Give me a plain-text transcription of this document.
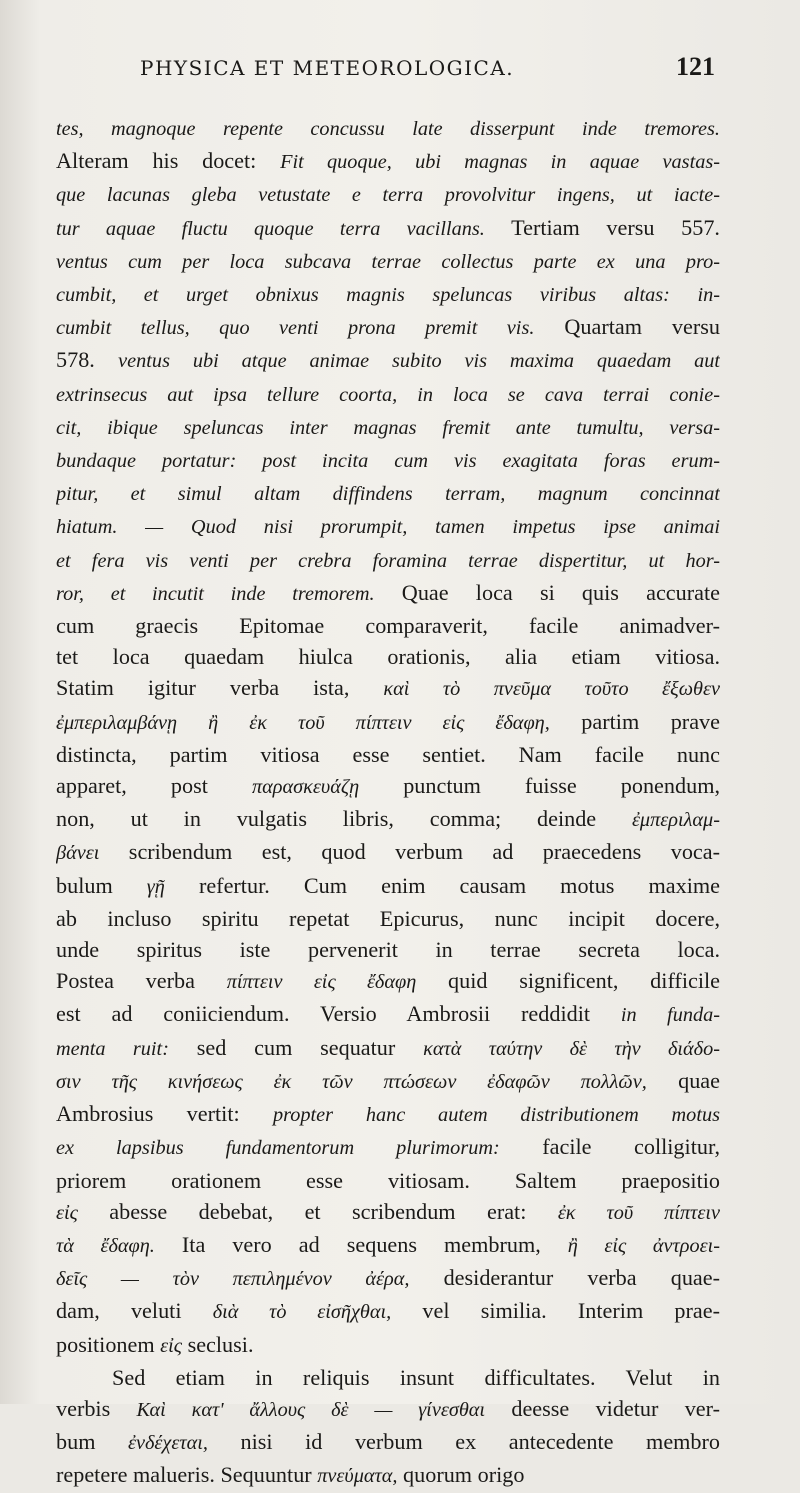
PHYSICA ET METEOROLOGICA.	121
tes, magnoque repente concussu late disserpunt inde tremores.
Alteram his docet: Fit quoque, ubi magnas in aquae vastas-
que lacunas gleba vetustate e terra provolvitur ingens, ut iacte-
tur aquae fluctu quoque terra vacillans. Tertiam versu 557.
ventus cum per loca subcava terrae collectus parte ex una pro-
cumbit, et urget obnixus magnis speluncas viribus altas: in-
cumbit tellus, quo venti prona premit vis. Quartam versu
578. ventus ubi atque animae subito vis maxima quaedam aut
extrinsecus aut ipsa tellure coorta, in loca se cava terrai conie-
cit, ibique speluncas inter magnas fremit ante tumultu, versa-
bundaque portatur: post incita cum vis exagitata foras erum-
pitur, et simul altam diffindens terram, magnum concinnat
hiatum. — Quod nisi prorumpit, tamen impetus ipse animai
et fera vis venti per crebra foramina terrae dispertitur, ut hor-
ror, et incutit inde tremorem. Quae loca si quis accurate
cum graecis Epitomae comparaverit, facile animadver-
tet loca quaedam hiulca orationis, alia etiam vitiosa.
Statim igitur verba ista, καὶ τὸ πνεῦμα τοῦτο ἔξωθεν
ἐμπεριλαμβάνῃ ἢ ἐκ τοῦ πίπτειν εἰς ἔδαφη, partim prave
distincta, partim vitiosa esse sentiet. Nam facile nunc
apparet, post παρασκευάζῃ punctum fuisse ponendum,
non, ut in vulgatis libris, comma; deinde ἐμπεριλαμ-
βάνει scribendum est, quod verbum ad praecedens voca-
bulum γῇ refertur. Cum enim causam motus maxime
ab incluso spiritu repetat Epicurus, nunc incipit docere,
unde spiritus iste pervenerit in terrae secreta loca.
Postea verba πίπτειν εἰς ἔδαφη quid significent, difficile
est ad coniiciendum. Versio Ambrosii reddidit in funda-
menta ruit: sed cum sequatur κατὰ ταύτην δὲ τὴν διάδο-
σιν τῆς κινήσεως ἐκ τῶν πτώσεων ἐδαφῶν πολλῶν, quae
Ambrosius vertit: propter hanc autem distributionem motus
ex lapsibus fundamentorum plurimorum: facile colligitur,
priorem orationem esse vitiosam. Saltem praepositio
εἰς abesse debebat, et scribendum erat: ἐκ τοῦ πίπτειν
τὰ ἔδαφη. Ita vero ad sequens membrum, ἢ εἰς ἀντροει-
δεῖς — τὸν πεπιλημένον ἀέρα, desiderantur verba quae-
dam, veluti διὰ τὸ εἰσῆχθαι, vel similia. Interim prae-
positionem εἰς seclusi.
Sed etiam in reliquis insunt difficultates. Velut in
verbis Καὶ κατ' ἄλλους δὲ — γίνεσθαι deesse videtur ver-
bum ἐνδέχεται, nisi id verbum ex antecedente membro
repetere malueris. Sequuntur πνεύματα, quorum origo
